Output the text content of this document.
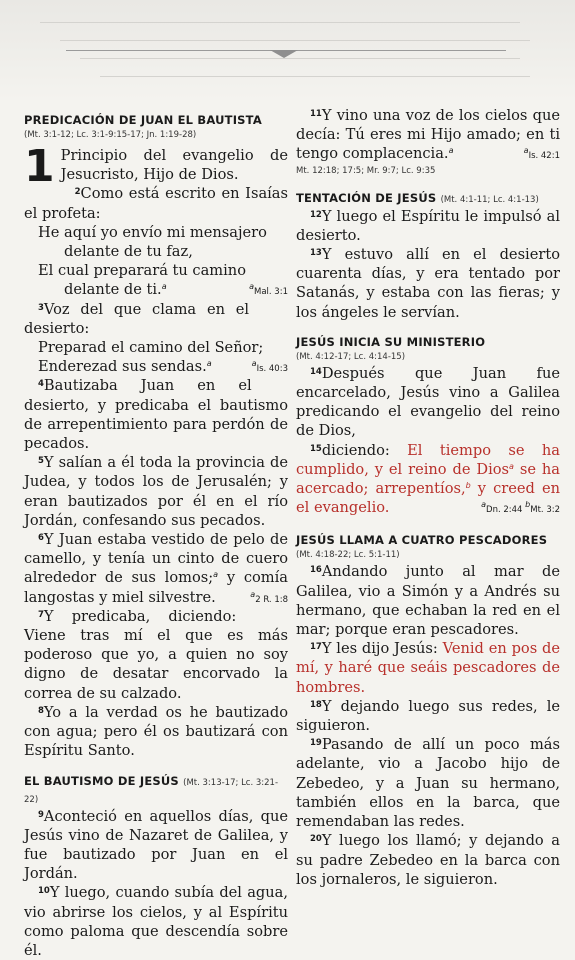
PREDICACIÓN DE JUAN EL BAUTISTA
(Mt. 3:1-12; Lc. 3:1-9:15-17; Jn. 1:19-28)

1 Principio del evangelio de Jesucristo, Hijo de Dios.

$^2$Como está escrito en Isaías el profeta:

He aquí yo envío mi mensajero
delante de tu faz,
El cual preparará tu camino
delante de ti.$^a$	aMal. 3:1

$^3$Voz del que clama en el desierto:

Preparad el camino del Señor;
Enderezad sus sendas.$^a$	aIs. 40:3

$^4$Bautizaba Juan en el desierto, y predicaba el bautismo de arrepentimiento para perdón de pecados.

$^5$Y salían a él toda la provincia de Judea, y todos los de Jerusalén; y eran bautizados por él en el río Jordán, confesando sus pecados.

$^6$Y Juan estaba vestido de pelo de camello, y tenía un cinto de cuero alrededor de sus lomos;$^a$ y comía langostas y miel silvestre.	a2 R. 1:8

$^7$Y predicaba, diciendo: Viene tras mí el que es más poderoso que yo, a quien no soy digno de desatar encorvado la correa de su calzado.

$^8$Yo a la verdad os he bautizado con agua; pero él os bautizará con Espíritu Santo.

EL BAUTISMO DE JESÚS (Mt. 3:13-17; Lc. 3:21-22)

$^9$Aconteció en aquellos días, que Jesús vino de Nazaret de Galilea, y fue bautizado por Juan en el Jordán.

$^{10}$Y luego, cuando subía del agua, vio abrirse los cielos, y al Espíritu como paloma que descendía sobre él.

$^{11}$Y vino una voz de los cielos que decía: Tú eres mi Hijo amado; en ti tengo complacencia.$^a$	aIs. 42:1

Mt. 12:18; 17:5; Mr. 9:7; Lc. 9:35
TENTACIÓN DE JESÚS (Mt. 4:1-11; Lc. 4:1-13)

$^{12}$Y luego el Espíritu le impulsó al desierto.

$^{13}$Y estuvo allí en el desierto cuarenta días, y era tentado por Satanás, y estaba con las fieras; y los ángeles le servían.

JESÚS INICIA SU MINISTERIO
(Mt. 4:12-17; Lc. 4:14-15)

$^{14}$Después que Juan fue encarcelado, Jesús vino a Galilea predicando el evangelio del reino de Dios,

$^{15}$diciendo: El tiempo se ha cumplido, y el reino de Dios$^a$ se ha acercado; arrepentíos,$^b$ y creed en el evangelio.	aDn. 2:44 bMt. 3:2

JESÚS LLAMA A CUATRO PESCADORES
(Mt. 4:18-22; Lc. 5:1-11)

$^{16}$Andando junto al mar de Galilea, vio a Simón y a Andrés su hermano, que echaban la red en el mar; porque eran pescadores.

$^{17}$Y les dijo Jesús: Venid en pos de mí, y haré que seáis pescadores de hombres.

$^{18}$Y dejando luego sus redes, le siguieron.

$^{19}$Pasando de allí un poco más adelante, vio a Jacobo hijo de Zebedeo, y a Juan su hermano, también ellos en la barca, que remendaban las redes.

$^{20}$Y luego los llamó; y dejando a su padre Zebedeo en la barca con los jornaleros, le siguieron.
